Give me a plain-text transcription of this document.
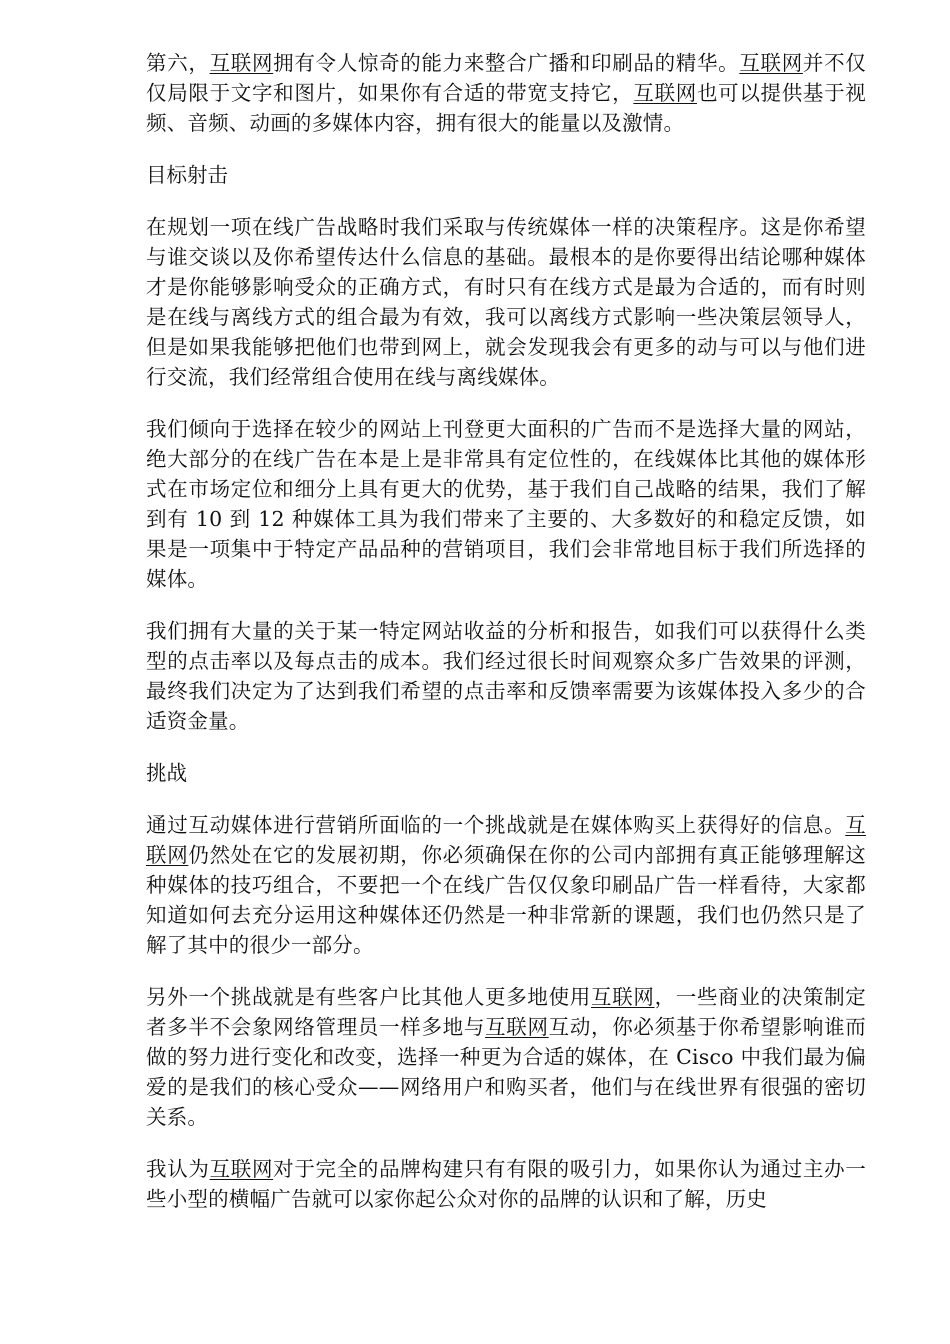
第六，互联网拥有令人惊奇的能力来整合广播和印刷品的精华。互联网并不仅仅局限于文字和图片，如果你有合适的带宽支持它，互联网也可以提供基于视频、音频、动画的多媒体内容，拥有很大的能量以及激情。

目标射击

在规划一项在线广告战略时我们采取与传统媒体一样的决策程序。这是你希望与谁交谈以及你希望传达什么信息的基础。最根本的是你要得出结论哪种媒体才是你能够影响受众的正确方式，有时只有在线方式是最为合适的，而有时则是在线与离线方式的组合最为有效，我可以离线方式影响一些决策层领导人，但是如果我能够把他们也带到网上，就会发现我会有更多的动与可以与他们进行交流，我们经常组合使用在线与离线媒体。

我们倾向于选择在较少的网站上刊登更大面积的广告而不是选择大量的网站，绝大部分的在线广告在本是上是非常具有定位性的，在线媒体比其他的媒体形式在市场定位和细分上具有更大的优势，基于我们自己战略的结果，我们了解到有 10 到 12 种媒体工具为我们带来了主要的、大多数好的和稳定反馈，如果是一项集中于特定产品品种的营销项目，我们会非常地目标于我们所选择的媒体。

我们拥有大量的关于某一特定网站收益的分析和报告，如我们可以获得什么类型的点击率以及每点击的成本。我们经过很长时间观察众多广告效果的评测，最终我们决定为了达到我们希望的点击率和反馈率需要为该媒体投入多少的合适资金量。

挑战

通过互动媒体进行营销所面临的一个挑战就是在媒体购买上获得好的信息。互联网仍然处在它的发展初期，你必须确保在你的公司内部拥有真正能够理解这种媒体的技巧组合，不要把一个在线广告仅仅象印刷品广告一样看待，大家都知道如何去充分运用这种媒体还仍然是一种非常新的课题，我们也仍然只是了解了其中的很少一部分。

另外一个挑战就是有些客户比其他人更多地使用互联网，一些商业的决策制定者多半不会象网络管理员一样多地与互联网互动，你必须基于你希望影响谁而做的努力进行变化和改变，选择一种更为合适的媒体，在 Cisco 中我们最为偏爱的是我们的核心受众——网络用户和购买者，他们与在线世界有很强的密切关系。

我认为互联网对于完全的品牌构建只有有限的吸引力，如果你认为通过主办一些小型的横幅广告就可以家你起公众对你的品牌的认识和了解，历史
